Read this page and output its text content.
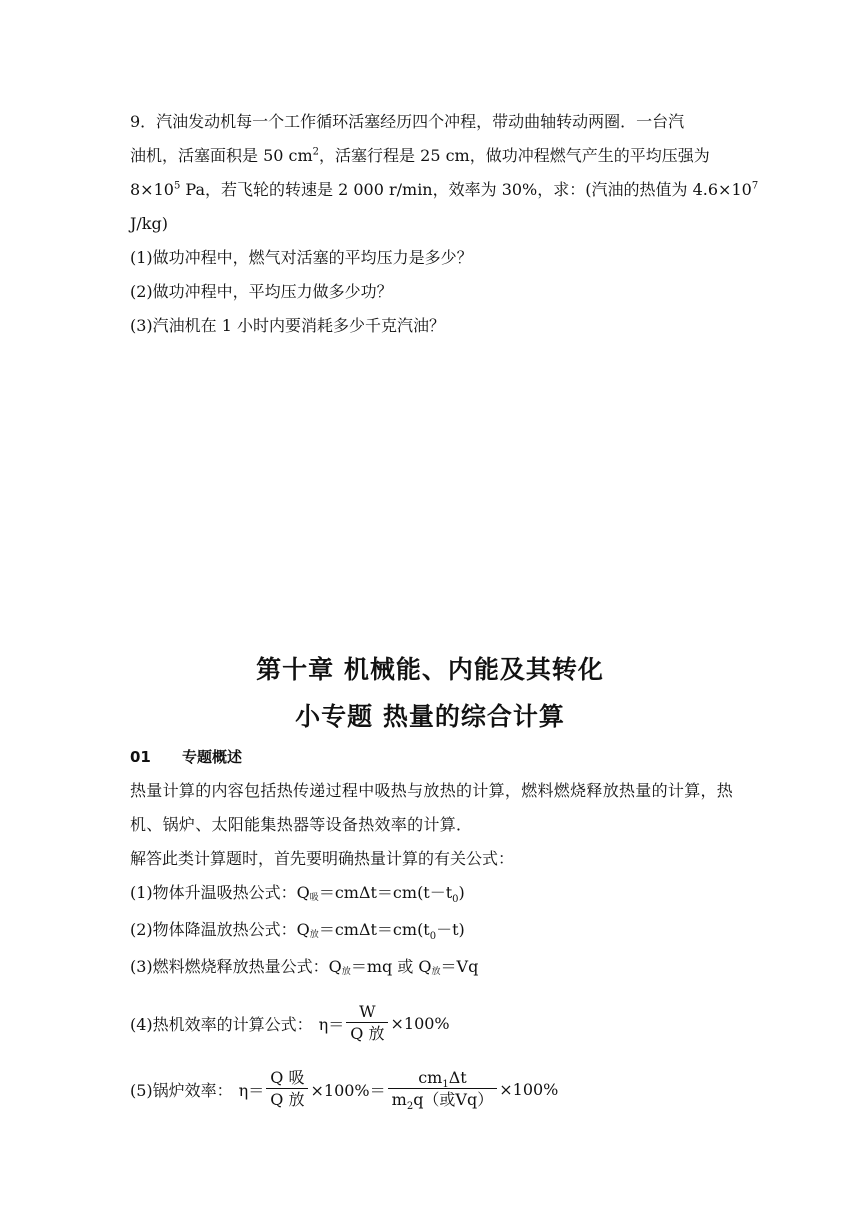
9．汽油发动机每一个工作循环活塞经历四个冲程，带动曲轴转动两圈．一台汽

油机，活塞面积是 50 $cm^2$，活塞行程是 25 cm，做功冲程燃气产生的平均压强为

$8\times 10^5$ Pa，若飞轮的转速是 2 000 r/min，效率为 30%，求：(汽油的热值为 $4.6\times 10^7$

J/kg)

(1)做功冲程中，燃气对活塞的平均压力是多少？

(2)做功冲程中，平均压力做多少功？

(3)汽油机在 1 小时内要消耗多少千克汽油？

第十章 机械能、内能及其转化
小专题 热量的综合计算

01 专题概述

热量计算的内容包括热传递过程中吸热与放热的计算，燃料燃烧释放热量的计算，热机、锅炉、太阳能集热器等设备热效率的计算．

解答此类计算题时，首先要明确热量计算的有关公式：

(1)物体升温吸热公式：Q吸$=cm\Delta t=cm(t-t_0)$

(2)物体降温放热公式：Q放$=cm\Delta t=cm(t_0-t)$

(3)燃料燃烧释放热量公式：Q放＝mq 或 Q放＝Vq

(4)热机效率的计算公式： $\eta= \frac{W}{\text{Q 放}} \times 100\%$
(5)锅炉效率： $\eta= \frac{\text{Q 吸}}{\text{Q 放}} \times 100\%= \frac{cm_1\Delta t}{m_2q(或Vq)} \times 100\%$
